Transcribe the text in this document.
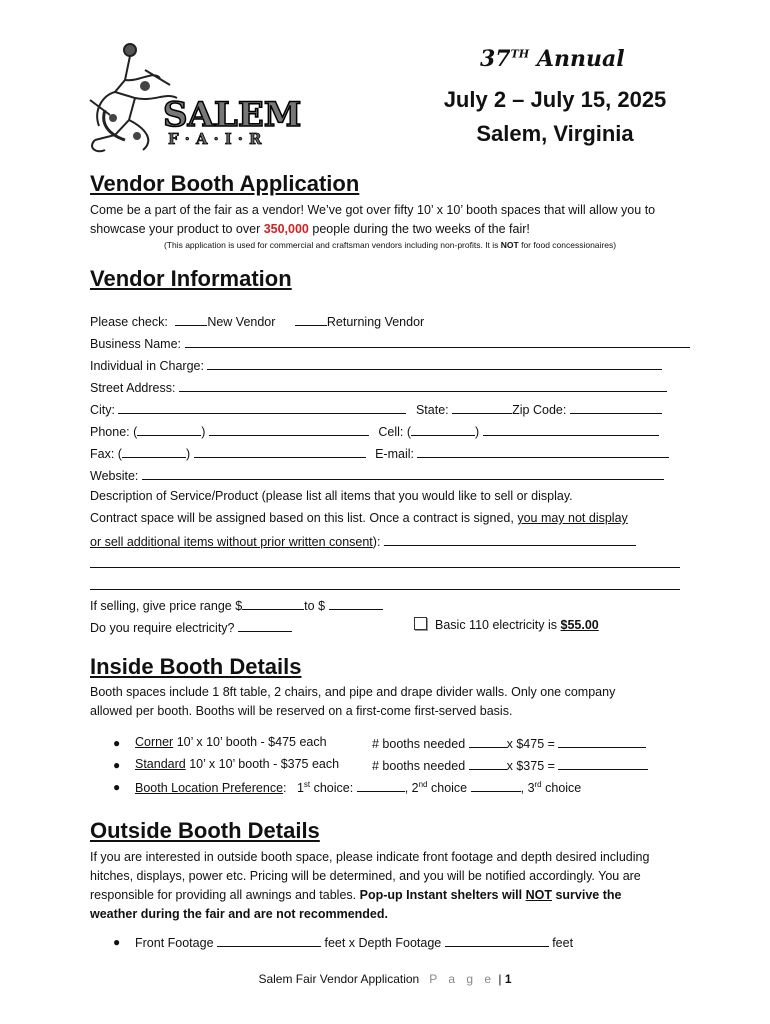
SALEM
F·A·I·R
37TH Annual
July 2 – July 15, 2025
Salem, Virginia
Vendor Booth Application
Come be a part of the fair as a vendor! We’ve got over fifty 10’ x 10’ booth spaces that will allow you to showcase your product to over 350,000 people during the two weeks of the fair!
(This application is used for commercial and craftsman vendors including non-profits. It is NOT for food concessionaires)
Vendor Information
Please check:	New Vendor	Returning Vendor
Business Name:
Individual in Charge:
Street Address:
City:	State:	Zip Code:
Phone: (	)	Cell: (	)
Fax: (	)	E-mail:
Website:
Description of Service/Product (please list all items that you would like to sell or display.
Contract space will be assigned based on this list. Once a contract is signed, you may not display
or sell additional items without prior written consent):
If selling, give price range $	to $
Do you require electricity?	Basic 110 electricity is $55.00
Inside Booth Details
Booth spaces include 1 8ft table, 2 chairs, and pipe and drape divider walls. Only one company allowed per booth. Booths will be reserved on a first-come first-served basis.
● Corner 10’ x 10’ booth - $475 each	# booths needed	x $475 =
● Standard 10’ x 10’ booth - $375 each	# booths needed	x $375 =
● Booth Location Preference: 1st choice:	, 2nd choice	, 3rd choice
Outside Booth Details
If you are interested in outside booth space, please indicate front footage and depth desired including hitches, displays, power etc. Pricing will be determined, and you will be notified accordingly. You are responsible for providing all awnings and tables. Pop-up Instant shelters will NOT survive the weather during the fair and are not recommended.
● Front Footage	feet x Depth Footage	feet
Salem Fair Vendor Application P a g e | 1
